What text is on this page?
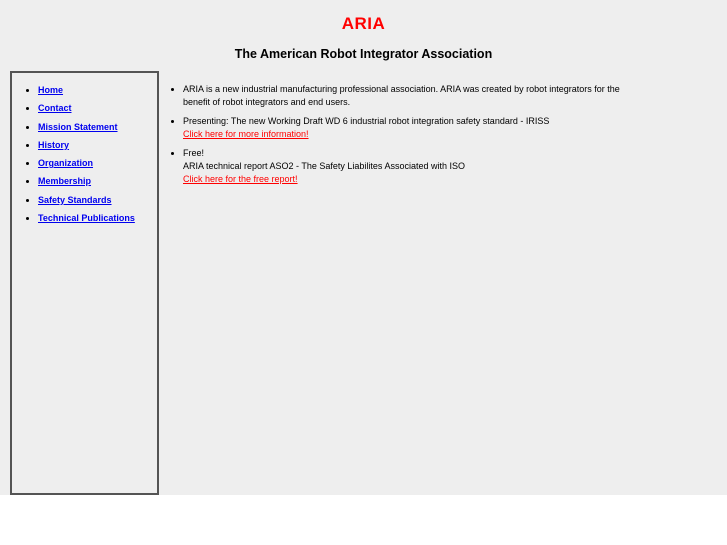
ARIA
The American Robot Integrator Association
• Home
• Contact
• Mission Statement
• History
• Organization
• Membership
• Safety Standards
• Technical Publications
• ARIA is a new industrial manufacturing professional association. ARIA was created by robot integrators for the benefit of robot integrators and end users.
• Presenting: The new Working Draft WD 6 industrial robot integration safety standard - IRISS
Click here for more information!
• Free!
ARIA technical report ASO2 - The Safety Liabilites Associated with ISO
Click here for the free report!
